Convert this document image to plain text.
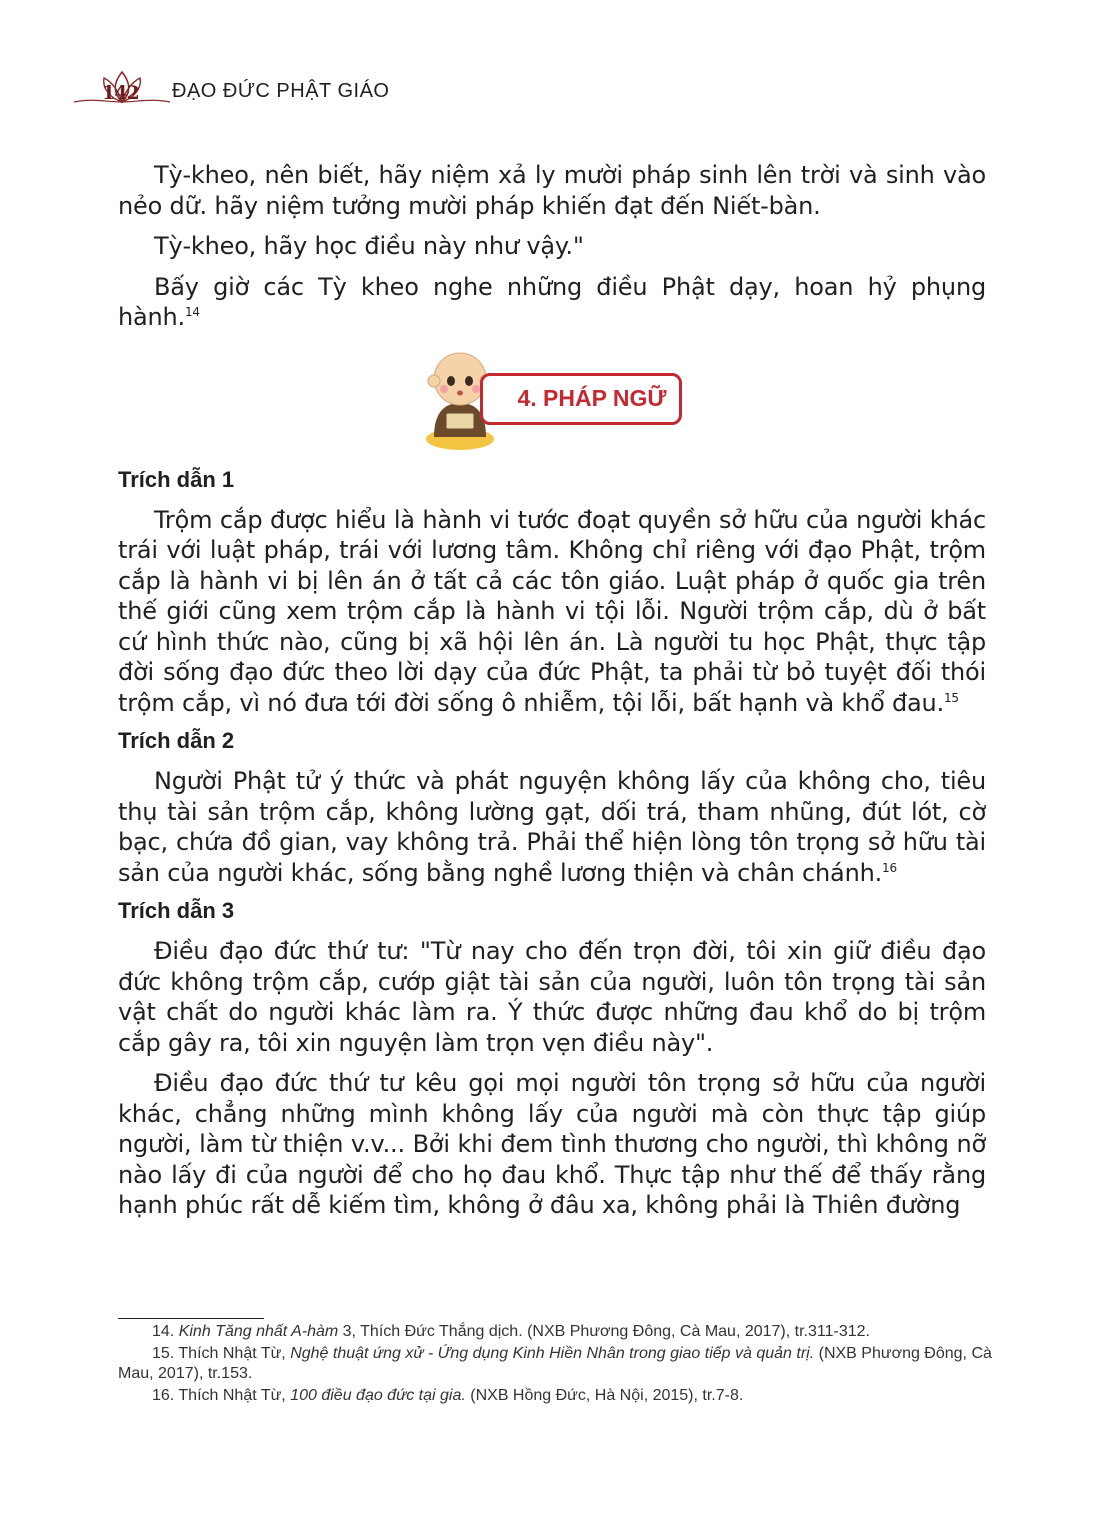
142 ĐẠO ĐỨC PHẬT GIÁO

Tỳ-kheo, nên biết, hãy niệm xả ly mười pháp sinh lên trời và sinh vào nẻo dữ. hãy niệm tưởng mười pháp khiến đạt đến Niết-bàn.

Tỳ-kheo, hãy học điều này như vậy."

Bấy giờ các Tỳ kheo nghe những điều Phật dạy, hoan hỷ phụng hành.$^{14}$

4. PHÁP NGỮ
Trích dẫn 1

Trộm cắp được hiểu là hành vi tước đoạt quyền sở hữu của người khác trái với luật pháp, trái với lương tâm. Không chỉ riêng với đạo Phật, trộm cắp là hành vi bị lên án ở tất cả các tôn giáo. Luật pháp ở quốc gia trên thế giới cũng xem trộm cắp là hành vi tội lỗi. Người trộm cắp, dù ở bất cứ hình thức nào, cũng bị xã hội lên án. Là người tu học Phật, thực tập đời sống đạo đức theo lời dạy của đức Phật, ta phải từ bỏ tuyệt đối thói trộm cắp, vì nó đưa tới đời sống ô nhiễm, tội lỗi, bất hạnh và khổ đau.$^{15}$

Trích dẫn 2

Người Phật tử ý thức và phát nguyện không lấy của không cho, tiêu thụ tài sản trộm cắp, không lường gạt, dối trá, tham nhũng, đút lót, cờ bạc, chứa đồ gian, vay không trả. Phải thể hiện lòng tôn trọng sở hữu tài sản của người khác, sống bằng nghề lương thiện và chân chánh.$^{16}$

Trích dẫn 3

Điều đạo đức thứ tư: "Từ nay cho đến trọn đời, tôi xin giữ điều đạo đức không trộm cắp, cướp giật tài sản của người, luôn tôn trọng tài sản vật chất do người khác làm ra. Ý thức được những đau khổ do bị trộm cắp gây ra, tôi xin nguyện làm trọn vẹn điều này".

Điều đạo đức thứ tư kêu gọi mọi người tôn trọng sở hữu của người khác, chẳng những mình không lấy của người mà còn thực tập giúp người, làm từ thiện v.v... Bởi khi đem tình thương cho người, thì không nỡ nào lấy đi của người để cho họ đau khổ. Thực tập như thế để thấy rằng hạnh phúc rất dễ kiếm tìm, không ở đâu xa, không phải là Thiên đường

14. Kinh Tăng nhất A-hàm 3, Thích Đức Thắng dịch. (NXB Phương Đông, Cà Mau, 2017), tr.311-312.

15. Thích Nhật Từ, Nghệ thuật ứng xử - Ứng dụng Kinh Hiền Nhân trong giao tiếp và quản trị. (NXB Phương Đông, Cà Mau, 2017), tr.153.

16. Thích Nhật Từ, 100 điều đạo đức tại gia. (NXB Hồng Đức, Hà Nội, 2015), tr.7-8.
